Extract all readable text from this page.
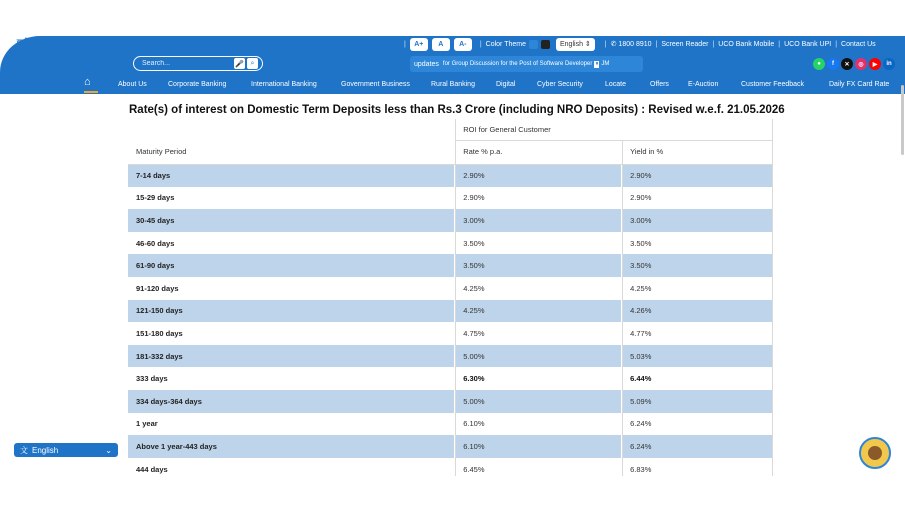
|	A+	A	A-	| Color Theme	English ⇕	| ✆ 1800 8910 | Screen Reader | UCO Bank Mobile | UCO Bank UPI | Contact Us
Search...
🎤 ⌕	updates for Group Discussion for the Post of Software Developer ⏸ JM	●	f	✕	◎	▶	in
⌂	About Us	Corporate Banking	International Banking	Government Business	Rural Banking	Digital	Cyber Security	Locate	Offers	E-Auction	Customer Feedback	Daily FX Card Rate
Rate(s) of interest on Domestic Term Deposits less than Rs.3 Crore (including NRO Deposits) : Revised w.e.f. 21.05.2026
	ROI for General Customer	
Maturity Period	Rate % p.a.	Yield in %
7-14 days	2.90%	2.90%
15-29 days	2.90%	2.90%
30-45 days	3.00%	3.00%
46-60 days	3.50%	3.50%
61-90 days	3.50%	3.50%
91-120 days	4.25%	4.25%
121-150 days	4.25%	4.26%
151-180 days	4.75%	4.77%
181-332 days	5.00%	5.03%
333 days	6.30%	6.44%
334 days-364 days	5.00%	5.09%
1 year	6.10%	6.24%
Above 1 year-443 days	6.10%	6.24%
444 days	6.45%	6.83%
文 English	⌄
